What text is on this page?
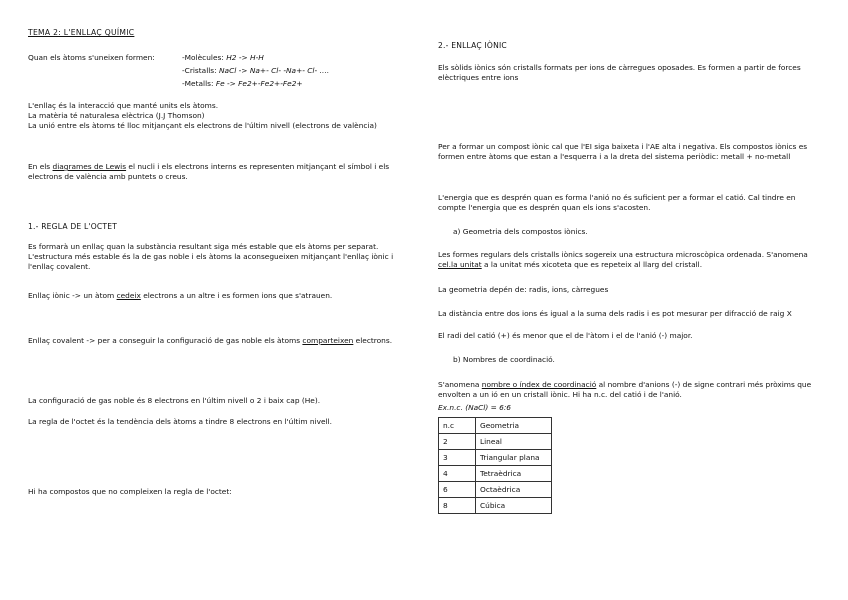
TEMA 2: L'ENLLAÇ QUÍMIC
Quan els àtoms s'uneixen formen:	-Molècules: H2 -> H-H
-Cristalls: NaCl -> Na+- Cl- -Na+- Cl- ….
-Metalls: Fe -> Fe2+-Fe2+-Fe2+
L'enllaç és la interacció que manté units els àtoms.
La matèria té naturalesa elèctrica (J.J Thomson)
La unió entre els àtoms té lloc mitjançant els electrons de l'últim nivell (electrons de valència)
En els diagrames de Lewis el nucli i els electrons interns es representen mitjançant el símbol i els electrons de valència amb puntets o creus.
1.- REGLA DE L'OCTET
Es formarà un enllaç quan la substància resultant siga més estable que els àtoms per separat. L'estructura més estable és la de gas noble i els àtoms la aconsegueixen mitjançant l'enllaç iònic i l'enllaç covalent.
Enllaç iònic -> un àtom cedeix electrons a un altre i es formen ions que s'atrauen.
Enllaç covalent -> per a conseguir la configuració de gas noble els àtoms comparteixen electrons.
La configuració de gas noble és 8 electrons en l'últim nivell o 2 i baix cap (He).
La regla de l'octet és la tendència dels àtoms a tindre 8 electrons en l'últim nivell.
Hi ha compostos que no compleixen la regla de l'octet:
2.- ENLLAÇ IÒNIC
Els sòlids iònics són cristalls formats per ions de càrregues oposades. Es formen a partir de forces elèctriques entre ions
Per a formar un compost iònic cal que l'EI siga baixeta i l'AE alta i negativa. Els compostos iònics es formen entre àtoms que estan a l'esquerra i a la dreta del sistema periòdic: metall + no-metall
L'energia que es desprén quan es forma l'anió no és suficient per a formar el catió. Cal tindre en compte l'energia que es desprén quan els ions s'acosten.
a) Geometria dels compostos iònics.
Les formes regulars dels cristalls iònics sogereix una estructura microscòpica ordenada. S'anomena cel.la unitat a la unitat més xicoteta que es repeteix al llarg del cristall.
La geometria depén de: radis, ions, càrregues
La distància entre dos ions és igual a la suma dels radis i es pot mesurar per difracció de raig X
El radi del catió (+) és menor que el de l'àtom i el de l'anió (-) major.
b) Nombres de coordinació.
S'anomena nombre o índex de coordinació al nombre d'anions (-) de signe contrari més pròxims que envolten a un ió en un cristall iònic. Hi ha n.c. del catió i de l'anió.
Ex.n.c. (NaCl) = 6:6
n.c	Geometria
2	Lineal
3	Triangular plana
4	Tetraèdrica
6	Octaèdrica
8	Cúbica
